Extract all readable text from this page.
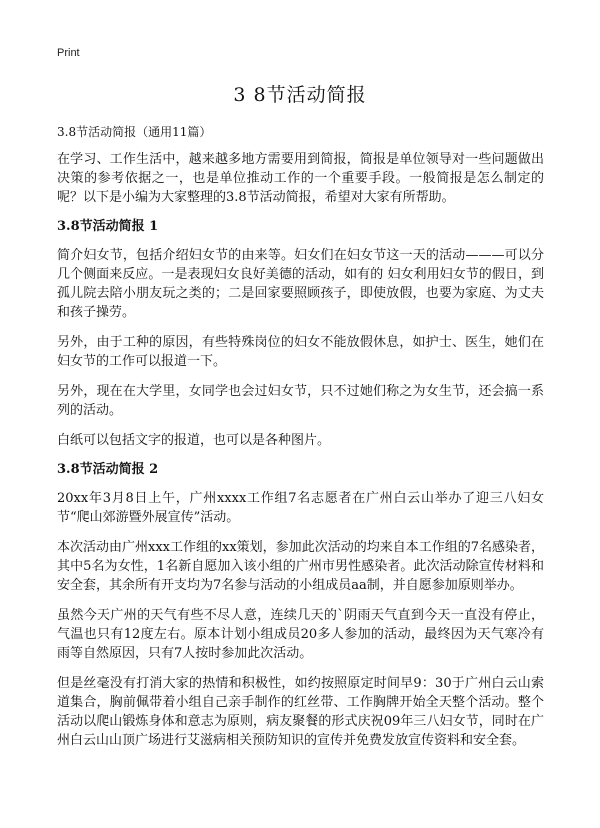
Print
3 8节活动简报

3.8节活动简报（通用11篇）

在学习、工作生活中，越来越多地方需要用到简报，简报是单位领导对一些问题做出决策的参考依据之一，也是单位推动工作的一个重要手段。一般简报是怎么制定的呢？以下是小编为大家整理的3.8节活动简报，希望对大家有所帮助。

3.8节活动简报 1

简介妇女节，包括介绍妇女节的由来等。妇女们在妇女节这一天的活动———可以分几个侧面来反应。一是表现妇女良好美德的活动，如有的 妇女利用妇女节的假日，到孤儿院去陪小朋友玩之类的；二是回家要照顾孩子，即使放假，也要为家庭、为丈夫和孩子操劳。

另外，由于工种的原因，有些特殊岗位的妇女不能放假休息，如护士、医生，她们在妇女节的工作可以报道一下。

另外，现在在大学里，女同学也会过妇女节，只不过她们称之为女生节，还会搞一系列的活动。

白纸可以包括文字的报道，也可以是各种图片。

3.8节活动简报 2

20xx年3月8日上午，广州xxxx工作组7名志愿者在广州白云山举办了迎三八妇女节“爬山郊游暨外展宣传”活动。

本次活动由广州xxx工作组的xx策划，参加此次活动的均来自本工作组的7名感染者，其中5名为女性，1名新自愿加入该小组的广州市男性感染者。此次活动除宣传材料和安全套，其余所有开支均为7名参与活动的小组成员aa制，并自愿参加原则举办。

虽然今天广州的天气有些不尽人意，连续几天的`阴雨天气直到今天一直没有停止，气温也只有12度左右。原本计划小组成员20多人参加的活动，最终因为天气寒冷有雨等自然原因，只有7人按时参加此次活动。

但是丝毫没有打消大家的热情和积极性，如约按照原定时间早9：30于广州白云山索道集合，胸前佩带着小组自己亲手制作的红丝带、工作胸牌开始全天整个活动。整个活动以爬山锻炼身体和意志为原则，病友聚餐的形式庆祝09年三八妇女节，同时在广州白云山山顶广场进行艾滋病相关预防知识的宣传并免费发放宣传资料和安全套。
